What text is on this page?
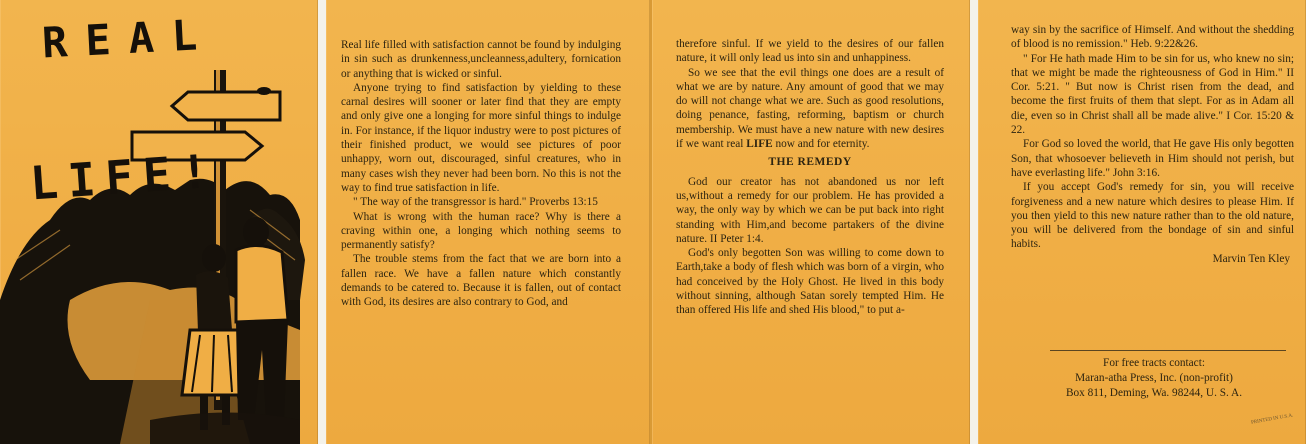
REAL
LIFE!

Real life filled with satisfaction cannot be found by indulging in sin such as drunkenness,uncleanness,adultery, fornication or anything that is wicked or sinful.

Anyone trying to find satisfaction by yielding to these carnal desires will sooner or later find that they are empty and only give one a longing for more sinful things to indulge in. For instance, if the liquor industry were to post pictures of their finished product, we would see pictures of poor unhappy, worn out, discouraged, sinful creatures, who in many cases wish they never had been born. No this is not the way to find true satisfaction in life.

" The way of the transgressor is hard." Proverbs 13:15

What is wrong with the human race? Why is there a craving within one, a longing which nothing seems to permanently satisfy?

The trouble stems from the fact that we are born into a fallen race. We have a fallen nature which constantly demands to be catered to. Because it is fallen, out of contact with God, its desires are also contrary to God, and

therefore sinful. If we yield to the desires of our fallen nature, it will only lead us into sin and unhappiness.

So we see that the evil things one does are a result of what we are by nature. Any amount of good that we may do will not change what we are. Such as good resolutions, doing penance, fasting, reforming, baptism or church membership. We must have a new nature with new desires if we want real LIFE now and for eternity.

THE REMEDY

God our creator has not abandoned us nor left us,without a remedy for our problem. He has provided a way, the only way by which we can be put back into right standing with Him,and become partakers of the divine nature. II Peter 1:4.

God's only begotten Son was willing to come down to Earth,take a body of flesh which was born of a virgin, who had conceived by the Holy Ghost. He lived in this body without sinning, although Satan sorely tempted Him. He than offered His life and shed His blood," to put a-

way sin by the sacrifice of Himself. And without the shedding of blood is no remission." Heb. 9:22&26.

" For He hath made Him to be sin for us, who knew no sin; that we might be made the righteousness of God in Him." II Cor. 5:21. " But now is Christ risen from the dead, and become the first fruits of them that slept. For as in Adam all die, even so in Christ shall all be made alive." I Cor. 15:20 & 22.

For God so loved the world, that He gave His only begotten Son, that whosoever believeth in Him should not perish, but have everlasting life." John 3:16.

If you accept God's remedy for sin, you will receive forgiveness and a new nature which desires to please Him. If you then yield to this new nature rather than to the old nature, you will be delivered from the bondage of sin and sinful habits.

Marvin Ten Kley

For free tracts contact:
Maran-atha Press, Inc. (non-profit)
Box 811, Deming, Wa. 98244, U. S. A.
PRINTED IN U.S.A.
